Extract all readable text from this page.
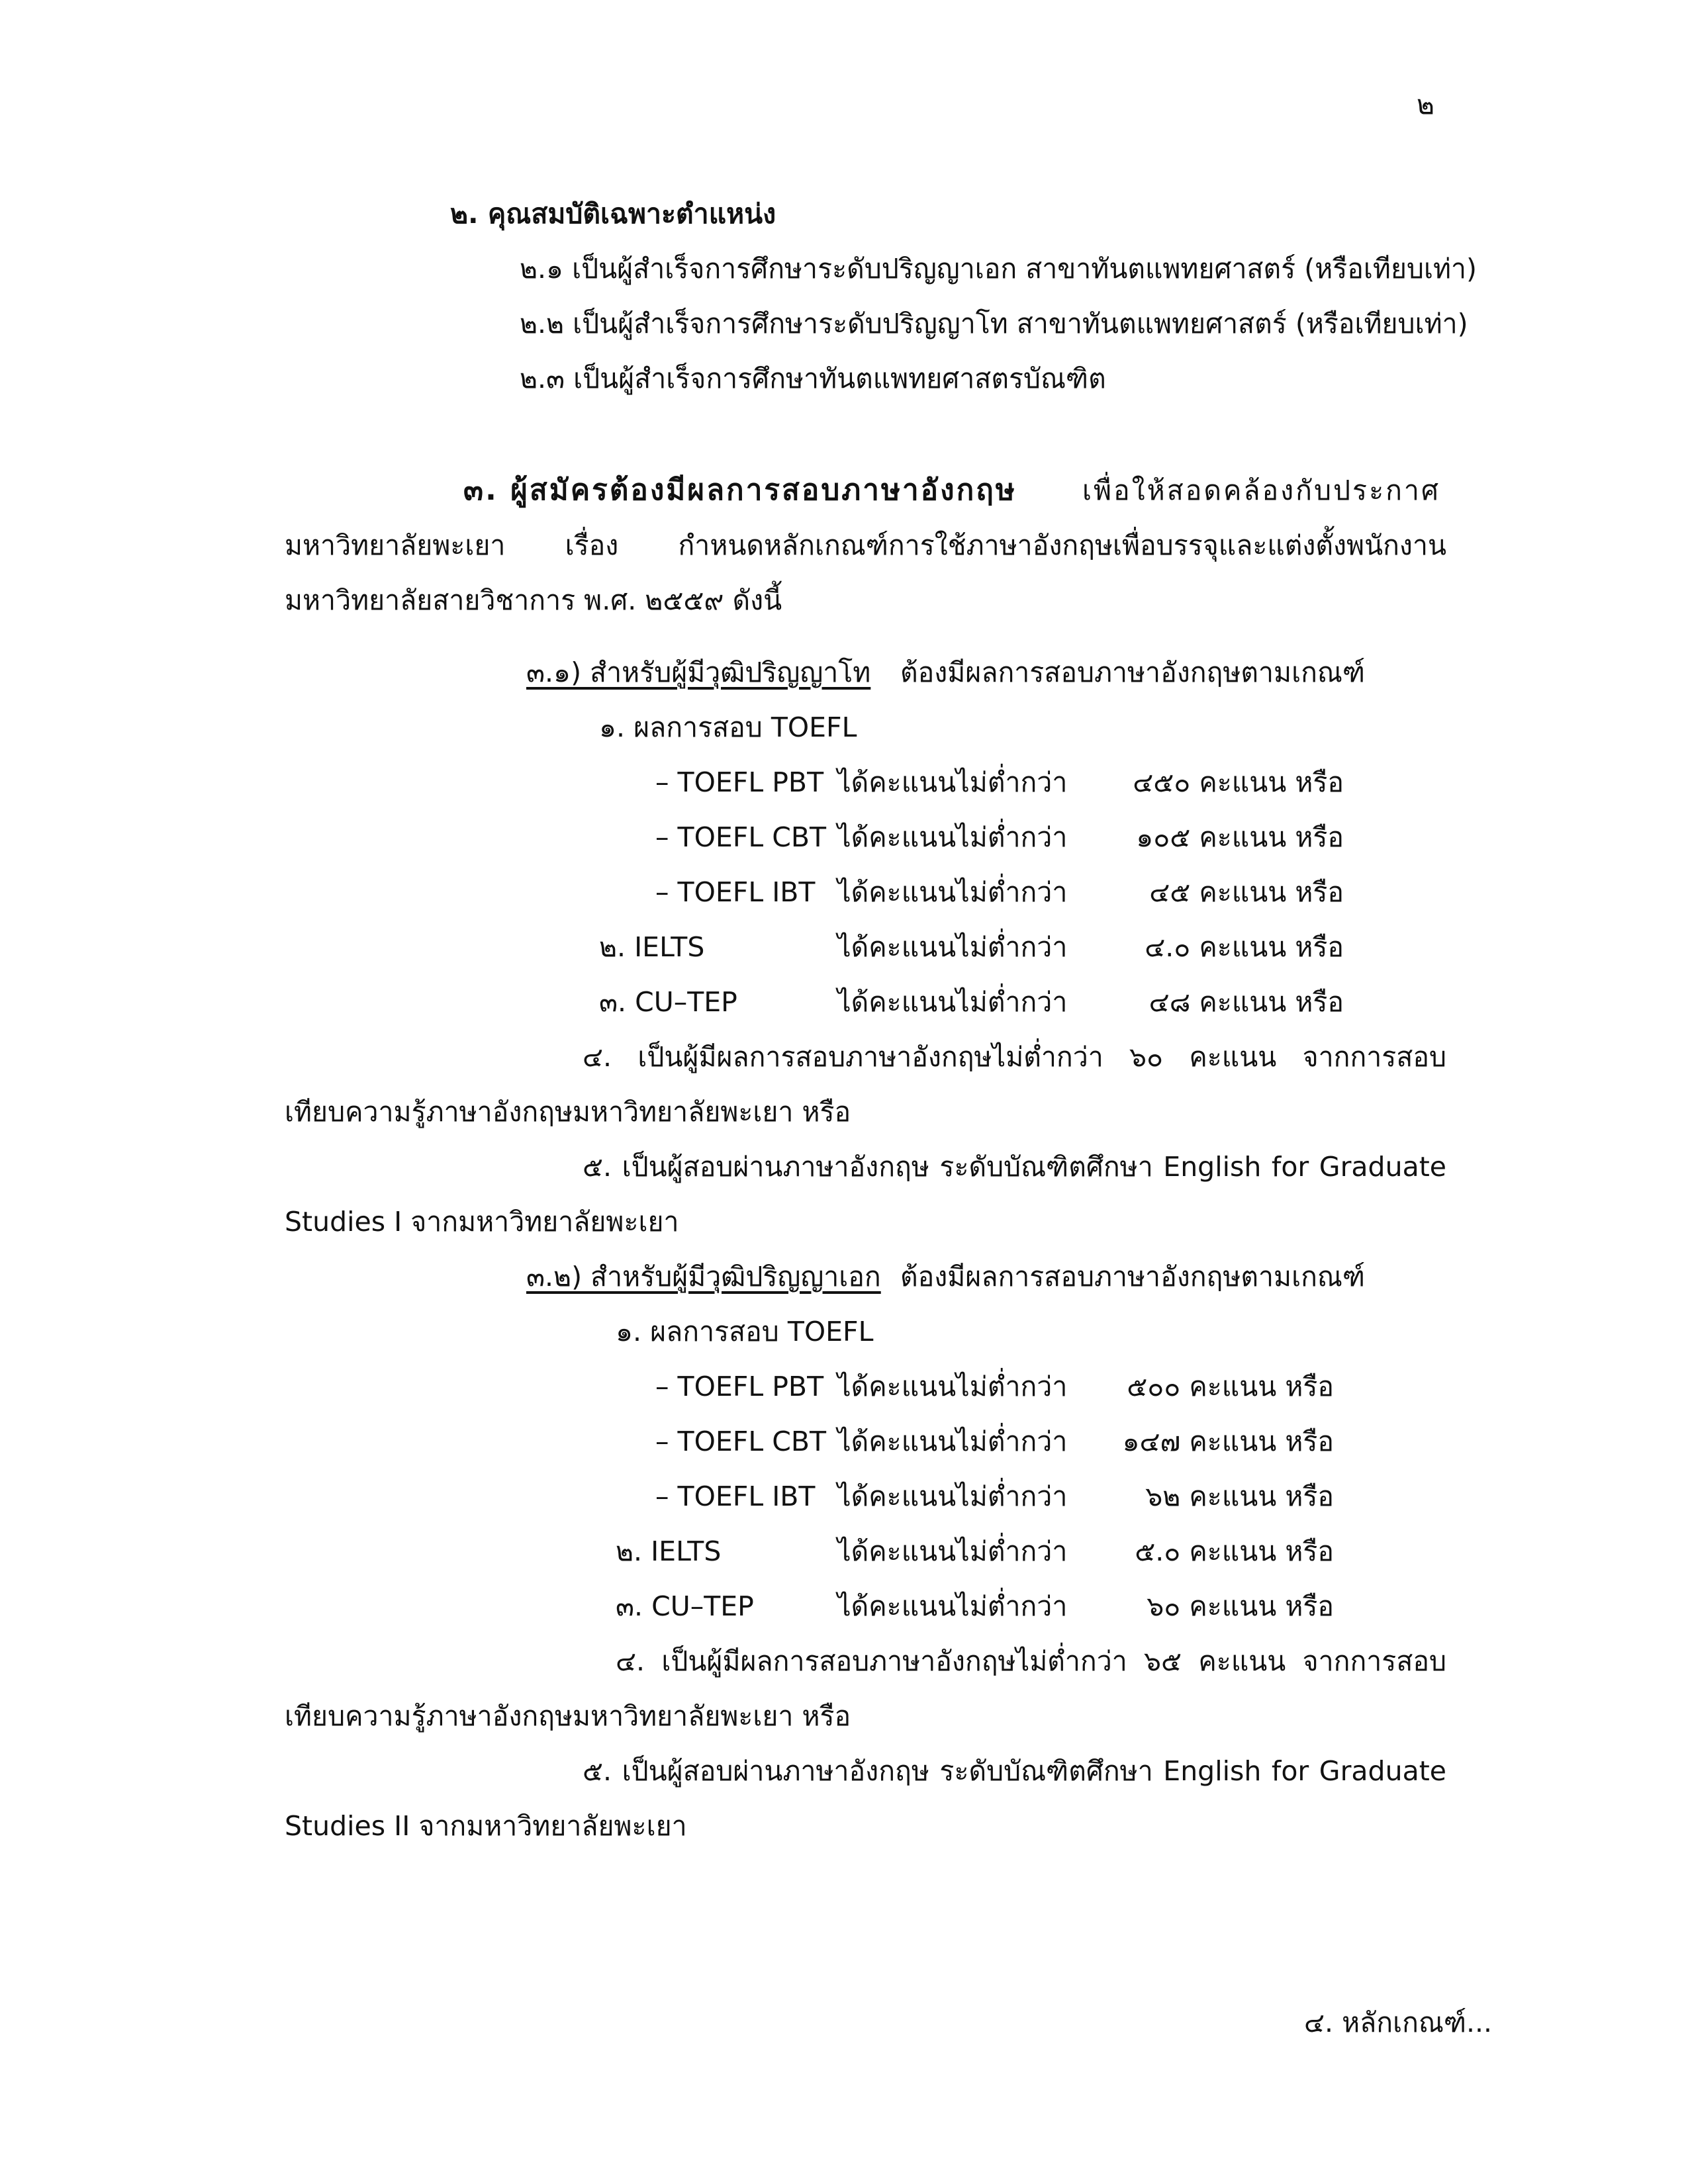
๒
๒. คุณสมบัติเฉพาะตำแหน่ง
๒.๑ เป็นผู้สำเร็จการศึกษาระดับปริญญาเอก สาขาทันตแพทยศาสตร์ (หรือเทียบเท่า)
๒.๒ เป็นผู้สำเร็จการศึกษาระดับปริญญาโท สาขาทันตแพทยศาสตร์ (หรือเทียบเท่า)
๒.๓ เป็นผู้สำเร็จการศึกษาทันตแพทยศาสตรบัณฑิต
๓. ผู้สมัครต้องมีผลการสอบภาษาอังกฤษ เพื่อให้สอดคล้องกับประกาศ
มหาวิทยาลัยพะเยา เรื่อง กำหนดหลักเกณฑ์การใช้ภาษาอังกฤษเพื่อบรรจุและแต่งตั้งพนักงาน
มหาวิทยาลัยสายวิชาการ พ.ศ. ๒๕๕๙ ดังนี้
๓.๑) สำหรับผู้มีวุฒิปริญญาโท ต้องมีผลการสอบภาษาอังกฤษตามเกณฑ์
๑. ผลการสอบ TOEFL
– TOEFL PBT ได้คะแนนไม่ต่ำกว่า	๔๕๐ คะแนน หรือ
– TOEFL CBT ได้คะแนนไม่ต่ำกว่า	๑๐๕ คะแนน หรือ
– TOEFL IBT ได้คะแนนไม่ต่ำกว่า	๔๕ คะแนน หรือ
๒. IELTS	ได้คะแนนไม่ต่ำกว่า	๔.๐ คะแนน หรือ
๓. CU–TEP	ได้คะแนนไม่ต่ำกว่า	๔๘ คะแนน หรือ
๔. เป็นผู้มีผลการสอบภาษาอังกฤษไม่ต่ำกว่า ๖๐ คะแนน จากการสอบ
เทียบความรู้ภาษาอังกฤษมหาวิทยาลัยพะเยา หรือ
๕. เป็นผู้สอบผ่านภาษาอังกฤษ ระดับบัณฑิตศึกษา English for Graduate
Studies I จากมหาวิทยาลัยพะเยา
๓.๒) สำหรับผู้มีวุฒิปริญญาเอก ต้องมีผลการสอบภาษาอังกฤษตามเกณฑ์
๑. ผลการสอบ TOEFL
– TOEFL PBT ได้คะแนนไม่ต่ำกว่า	๕๐๐ คะแนน หรือ
– TOEFL CBT ได้คะแนนไม่ต่ำกว่า	๑๔๗ คะแนน หรือ
– TOEFL IBT ได้คะแนนไม่ต่ำกว่า	๖๒ คะแนน หรือ
๒. IELTS	ได้คะแนนไม่ต่ำกว่า	๕.๐ คะแนน หรือ
๓. CU–TEP	ได้คะแนนไม่ต่ำกว่า	๖๐ คะแนน หรือ
๔. เป็นผู้มีผลการสอบภาษาอังกฤษไม่ต่ำกว่า ๖๕ คะแนน จากการสอบ
เทียบความรู้ภาษาอังกฤษมหาวิทยาลัยพะเยา หรือ
๕. เป็นผู้สอบผ่านภาษาอังกฤษ ระดับบัณฑิตศึกษา English for Graduate
Studies II จากมหาวิทยาลัยพะเยา
๔. หลักเกณฑ์...
